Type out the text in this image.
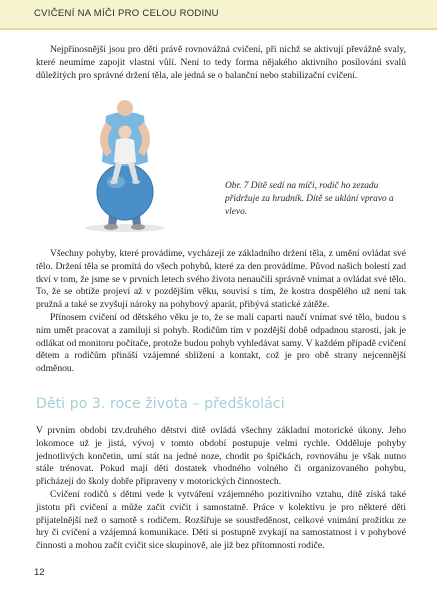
CVIČENÍ NA MÍČI PRO CELOU RODINU

Nejpřínosnější jsou pro děti právě rovnovážná cvičení, při nichž se aktivují převážně svaly, které neumíme zapojit vlastní vůlí. Není to tedy forma nějakého aktivního posilování svalů důležitých pro správné držení těla, ale jedná se o balanční nebo stabilizační cvičení.

Obr. 7 Dítě sedí na míči, rodič ho zezadu přidržuje za hrudník. Dítě se uklání vpravo a vlevo.

Všechny pohyby, které provádíme, vycházejí ze základního držení těla, z umění ovládat své tělo. Držení těla se promítá do všech pohybů, které za den provádíme. Původ našich bolestí zad tkví v tom, že jsme se v prvních letech svého života nenaučili správně vnímat a ovládat své tělo. To, že se obtíže projeví až v pozdějším věku, souvisí s tím, že kostra dospělého už není tak pružná a také se zvyšují nároky na pohybový aparát, přibývá statické zátěže.

Přínosem cvičení od dětského věku je to, že se malí caparti naučí vnímat své tělo, budou s ním umět pracovat a zamilují si pohyb. Rodičům tím v pozdější době odpadnou starosti, jak je odlákat od monitoru počítače, protože budou pohyb vyhledávat samy. V každém případě cvičení dětem a rodičům přináší vzájemné sblížení a kontakt, což je pro obě strany nejcennější odměnou.

Děti po 3. roce života – předškoláci

V prvním období tzv.druhého dětství dítě ovládá všechny základní motorické úkony. Jeho lokomoce už je jistá, vývoj v tomto období postupuje velmi rychle. Odděluje pohyby jednotlivých končetin, umí stát na jedné noze, chodit po špičkách, rovnováhu je však nutno stále trénovat. Pokud mají děti dostatek vhodného volného či organizovaného pohybu, přicházejí do školy dobře připraveny v motorických činnostech.

Cvičení rodičů s dětmi vede k vytváření vzájemného pozitivního vztahu, dítě získá také jistotu při cvičení a může začít cvičit i samostatně. Práce v kolektivu je pro některé děti přijatelnější než o samotě s rodičem. Rozšiřuje se soustředěnost, celkové vnímání prožitku ze hry či cvičení a vzájemná komunikace. Děti si postupně zvykají na samostatnost i v pohybové činnosti a mohou začít cvičit sice skupinově, ale již bez přítomnosti rodiče.

12
